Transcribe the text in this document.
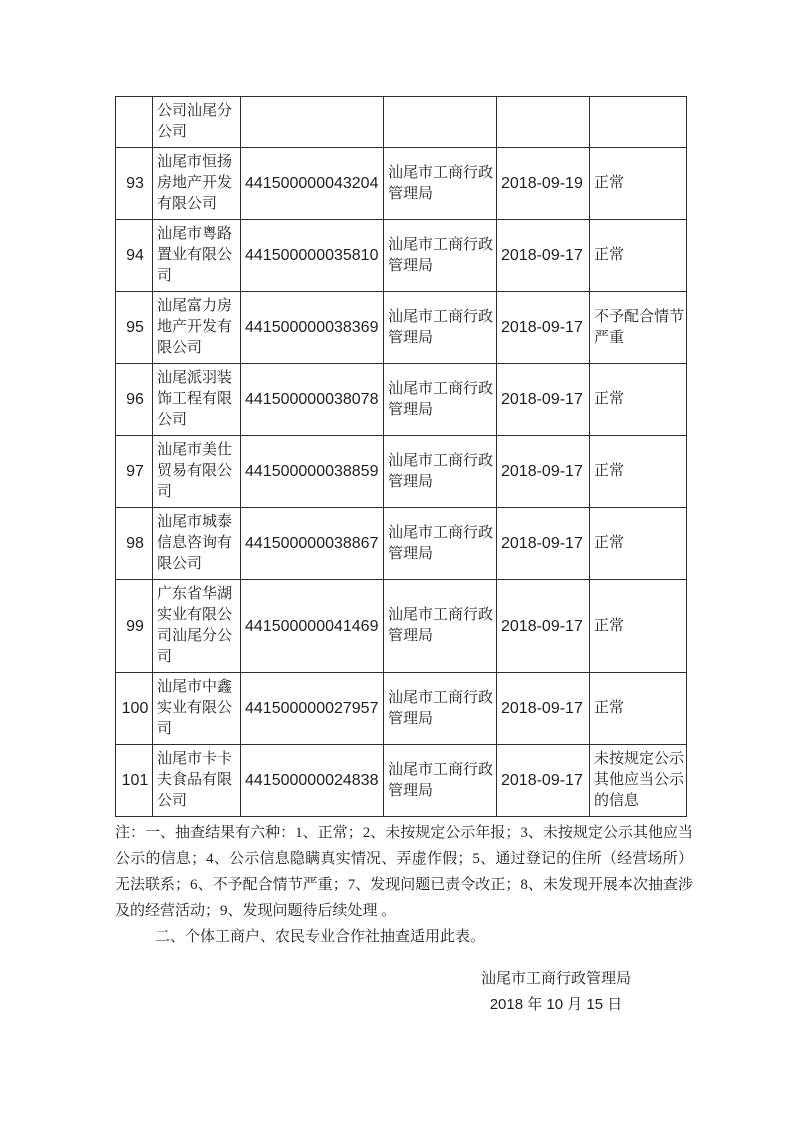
	公司汕尾分公司				
93	汕尾市恒扬房地产开发有限公司	441500000043204	汕尾市工商行政管理局	2018-09-19	正常
94	汕尾市粤路置业有限公司	441500000035810	汕尾市工商行政管理局	2018-09-17	正常
95	汕尾富力房地产开发有限公司	441500000038369	汕尾市工商行政管理局	2018-09-17	不予配合情节严重
96	汕尾派羽装饰工程有限公司	441500000038078	汕尾市工商行政管理局	2018-09-17	正常
97	汕尾市美仕贸易有限公司	441500000038859	汕尾市工商行政管理局	2018-09-17	正常
98	汕尾市城泰信息咨询有限公司	441500000038867	汕尾市工商行政管理局	2018-09-17	正常
99	广东省华湖实业有限公司汕尾分公司	441500000041469	汕尾市工商行政管理局	2018-09-17	正常
100	汕尾市中鑫实业有限公司	441500000027957	汕尾市工商行政管理局	2018-09-17	正常
101	汕尾市卡卡夫食品有限公司	441500000024838	汕尾市工商行政管理局	2018-09-17	未按规定公示其他应当公示的信息

注：一、抽查结果有六种：1、正常；2、未按规定公示年报；3、未按规定公示其他应当公示的信息；4、公示信息隐瞒真实情况、弄虚作假；5、通过登记的住所（经营场所）无法联系；6、不予配合情节严重；7、发现问题已责令改正；8、未发现开展本次抽查涉及的经营活动；9、发现问题待后续处理 。

二、个体工商户、农民专业合作社抽查适用此表。

汕尾市工商行政管理局
2018 年 10 月 15 日
